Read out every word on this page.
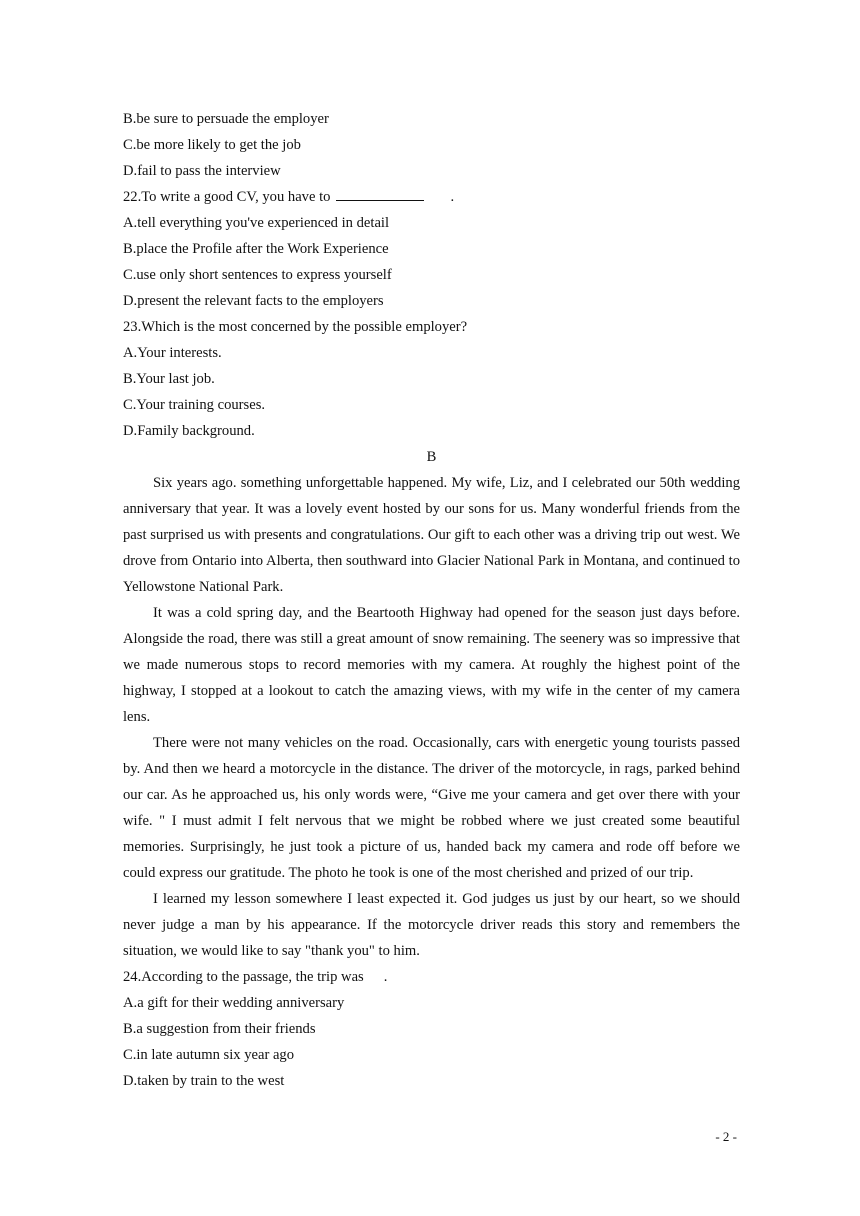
B.be sure to persuade the employer
C.be more likely to get the job
D.fail to pass the interview
22.To write a good CV, you have to	.
A.tell everything you've experienced in detail
B.place the Profile after the Work Experience
C.use only short sentences to express yourself
D.present the relevant facts to the employers
23.Which is the most concerned by the possible employer?
A.Your interests.
B.Your last job.
C.Your training courses.
D.Family background.
B

Six years ago. something unforgettable happened. My wife, Liz, and I celebrated our 50th wedding anniversary that year. It was a lovely event hosted by our sons for us. Many wonderful friends from the past surprised us with presents and congratulations. Our gift to each other was a driving trip out west. We drove from Ontario into Alberta, then southward into Glacier National Park in Montana, and continued to Yellowstone National Park.

It was a cold spring day, and the Beartooth Highway had opened for the season just days before. Alongside the road, there was still a great amount of snow remaining. The seenery was so impressive that we made numerous stops to record memories with my camera. At roughly the highest point of the highway, I stopped at a lookout to catch the amazing views, with my wife in the center of my camera lens.

There were not many vehicles on the road. Occasionally, cars with energetic young tourists passed by. And then we heard a motorcycle in the distance. The driver of the motorcycle, in rags, parked behind our car. As he approached us, his only words were, “Give me your camera and get over there with your wife. " I must admit I felt nervous that we might be robbed where we just created some beautiful memories. Surprisingly, he just took a picture of us, handed back my camera and rode off before we could express our gratitude. The photo he took is one of the most cherished and prized of our trip.

I learned my lesson somewhere I least expected it. God judges us just by our heart, so we should never judge a man by his appearance. If the motorcycle driver reads this story and remembers the situation, we would like to say "thank you" to him.

24.According to the passage, the trip was .
A.a gift for their wedding anniversary
B.a suggestion from their friends
C.in late autumn six year ago
D.taken by train to the west
- 2 -
